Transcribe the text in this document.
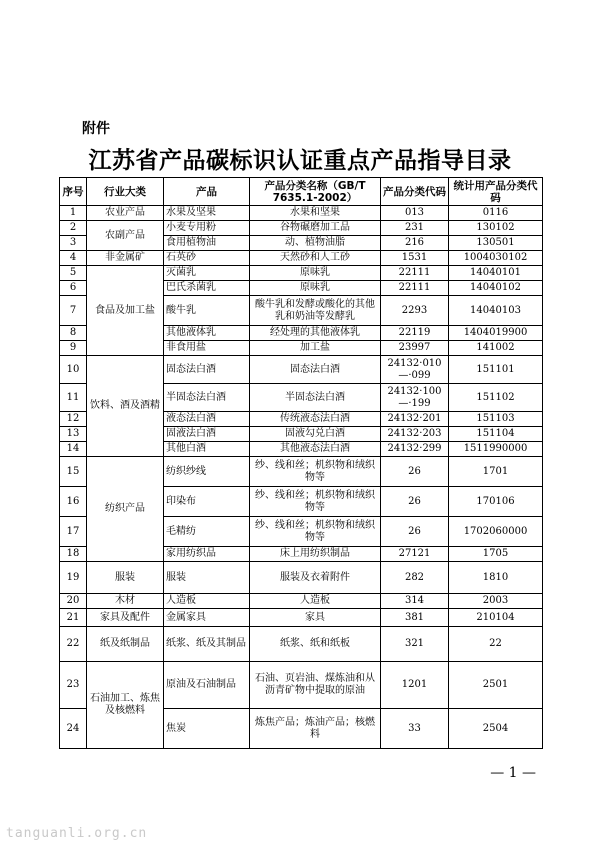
附件
江苏省产品碳标识认证重点产品指导目录
序号	行业大类	产品	产品分类名称（GB/T 7635.1-2002）	产品分类代码	统计用产品分类代码
1	农业产品	水果及坚果	水果和坚果	013	0116
2	农副产品	小麦专用粉	谷物碾磨加工品	231	130102
3		食用植物油	动、植物油脂	216	130501
4	非金属矿	石英砂	天然砂和人工砂	1531	1004030102
5	食品及加工盐	灭菌乳	原味乳	22111	14040101
6		巴氏杀菌乳	原味乳	22111	14040102
7		酸牛乳	酸牛乳和发酵或酸化的其他乳和奶油等发酵乳	2293	14040103
8		其他液体乳	经处理的其他液体乳	22119	1404019900
9		非食用盐	加工盐	23997	141002
10	饮料、酒及酒精	固态法白酒	固态法白酒	24132·010—·099	151101
11		半固态法白酒	半固态法白酒	24132·100—·199	151102
12		液态法白酒	传统液态法白酒	24132·201	151103
13		固液法白酒	固液勾兑白酒	24132·203	151104
14		其他白酒	其他液态法白酒	24132·299	1511990000
15	纺织产品	纺织纱线	纱、线和丝；机织物和绒织物等	26	1701
16		印染布	纱、线和丝；机织物和绒织物等	26	170106
17		毛精纺	纱、线和丝；机织物和绒织物等	26	1702060000
18		家用纺织品	床上用纺织制品	27121	1705
19	服装	服装	服装及衣着附件	282	1810
20	木材	人造板	人造板	314	2003
21	家具及配件	金属家具	家具	381	210104
22	纸及纸制品	纸浆、纸及其制品	纸浆、纸和纸板	321	22
23	石油加工、炼焦及核燃料	原油及石油制品	石油、页岩油、煤炼油和从沥青矿物中提取的原油	1201	2501
24		焦炭	炼焦产品；炼油产品；核燃料	33	2504
— 1 —
tanguanli.org.cn
